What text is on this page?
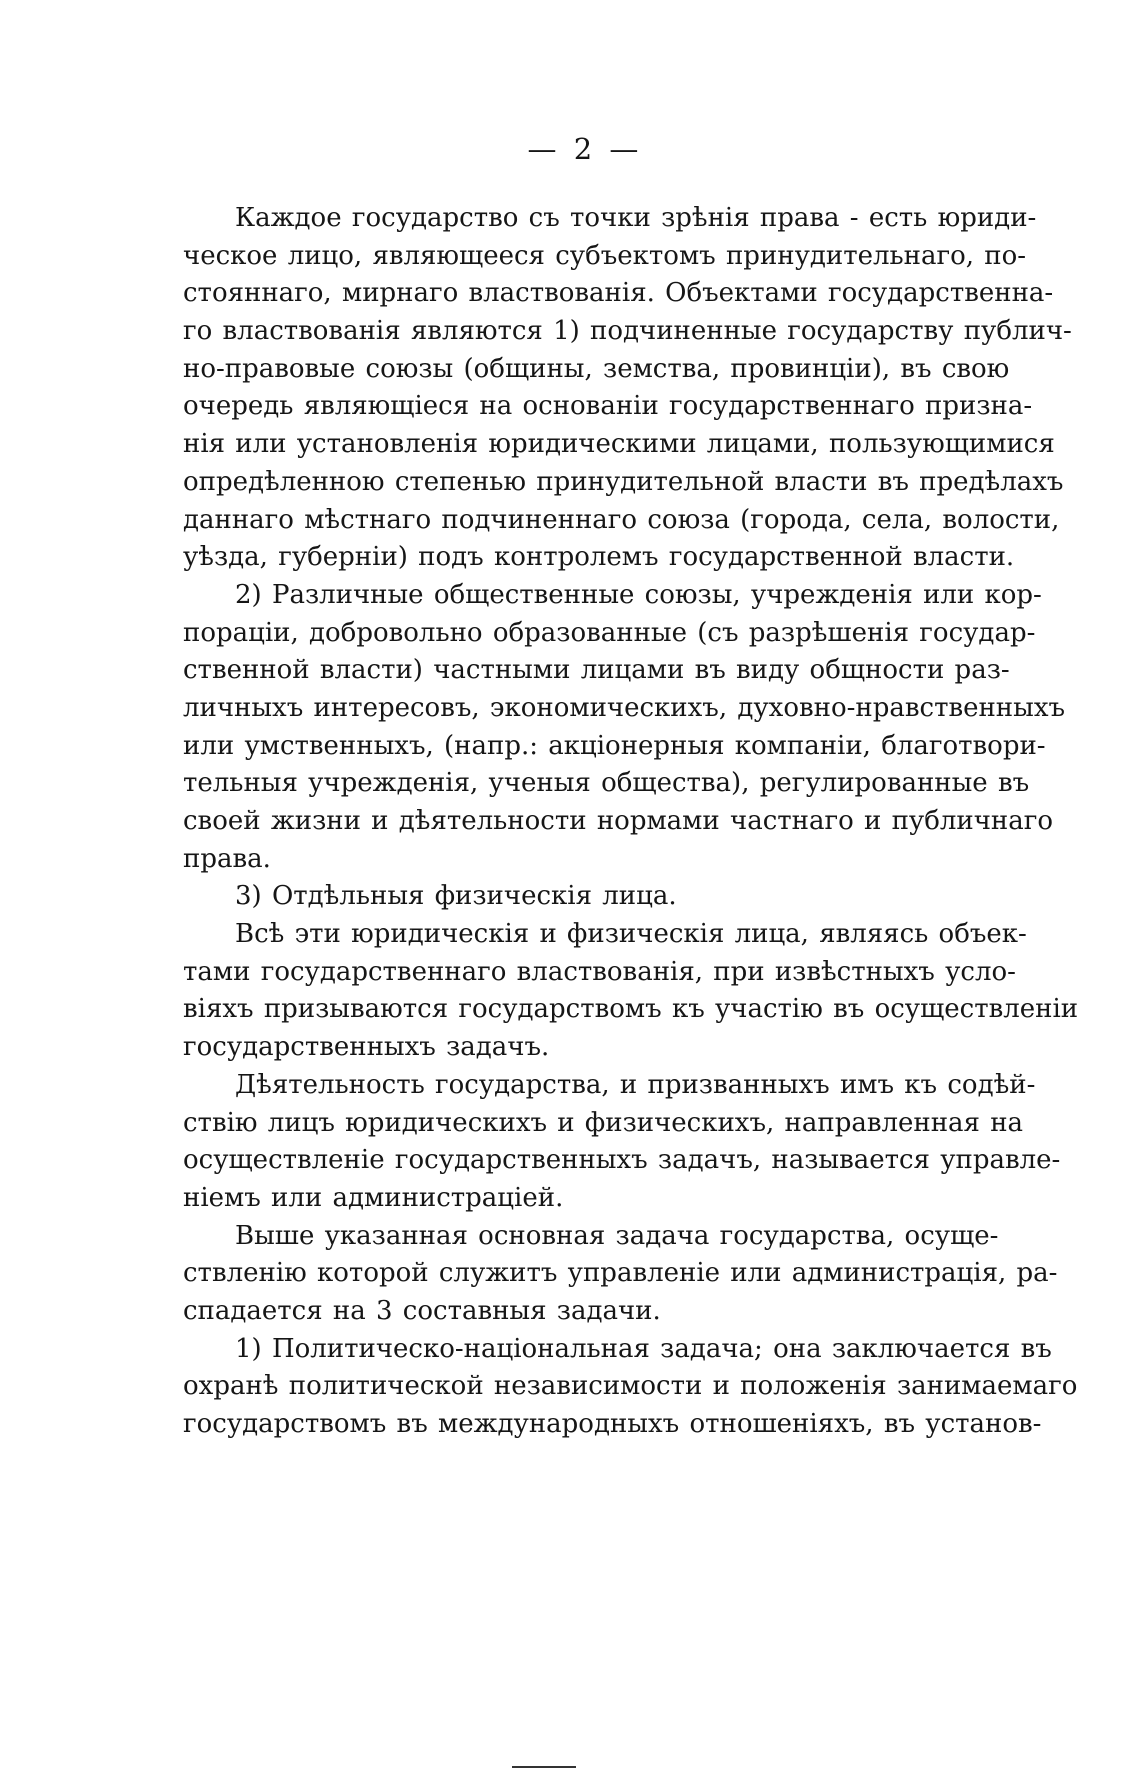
— 2 —
Каждое государство съ точки зрѣнія права - есть юриди-
ческое лицо, являющееся субъектомъ принудительнаго, по-
стояннаго, мирнаго властвованія. Объектами государственна-
го властвованія являются 1) подчиненные государству публич-
но-правовые союзы (общины, земства, провинціи), въ свою
очередь являющіеся на основаніи государственнаго призна-
нія или установленія юридическими лицами, пользующимися
опредѣленною степенью принудительной власти въ предѣлахъ
даннаго мѣстнаго подчиненнаго союза (города, села, волости,
уѣзда, губерніи) подъ контролемъ государственной власти.
2) Различные общественные союзы, учрежденія или кор-
пораціи, добровольно образованные (съ разрѣшенія государ-
ственной власти) частными лицами въ виду общности раз-
личныхъ интересовъ, экономическихъ, духовно-нравственныхъ
или умственныхъ, (напр.: акціонерныя компаніи, благотвори-
тельныя учрежденія, ученыя общества), регулированные въ
своей жизни и дѣятельности нормами частнаго и публичнаго
права.
3) Отдѣльныя физическія лица.
Всѣ эти юридическія и физическія лица, являясь объек-
тами государственнаго властвованія, при извѣстныхъ усло-
віяхъ призываются государствомъ къ участію въ осуществленіи
государственныхъ задачъ.
Дѣятельность государства, и призванныхъ имъ къ содѣй-
ствію лицъ юридическихъ и физическихъ, направленная на
осуществленіе государственныхъ задачъ, называется управле-
ніемъ или администраціей.
Выше указанная основная задача государства, осуще-
ствленію которой служитъ управленіе или администрація, ра-
спадается на 3 составныя задачи.
1) Политическо-національная задача; она заключается въ
охранѣ политической независимости и положенія занимаемаго
государствомъ въ международныхъ отношеніяхъ, въ установ-
